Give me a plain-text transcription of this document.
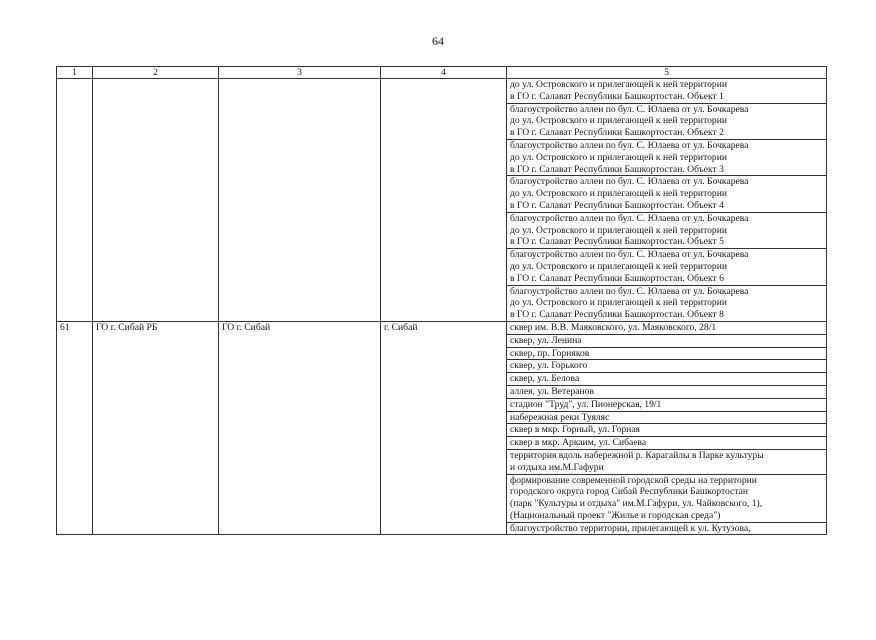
64
1	2	3	4	5

				до ул. Островского и прилегающей к ней территории
в ГО г. Салават Республики Башкортостан. Объект 1

				благоустройство аллеи по бул. С. Юлаева от ул. Бочкарева
до ул. Островского и прилегающей к ней территории
в ГО г. Салават Республики Башкортостан. Объект 2

				благоустройство аллеи по бул. С. Юлаева от ул. Бочкарева
до ул. Островского и прилегающей к ней территории
в ГО г. Салават Республики Башкортостан. Объект 3

				благоустройство аллеи по бул. С. Юлаева от ул. Бочкарева
до ул. Островского и прилегающей к ней территории
в ГО г. Салават Республики Башкортостан. Объект 4

				благоустройство аллеи по бул. С. Юлаева от ул. Бочкарева
до ул. Островского и прилегающей к ней территории
в ГО г. Салават Республики Башкортостан. Объект 5

				благоустройство аллеи по бул. С. Юлаева от ул. Бочкарева
до ул. Островского и прилегающей к ней территории
в ГО г. Салават Республики Башкортостан. Объект 6

				благоустройство аллеи по бул. С. Юлаева от ул. Бочкарева
до ул. Островского и прилегающей к ней территории
в ГО г. Салават Республики Башкортостан. Объект 8

61	ГО г. Сибай РБ	ГО г. Сибай	г. Сибай	сквер им. В.В. Маяковского, ул. Маяковского, 28/1

				сквер, ул. Ленина

				сквер, пр. Горняков

				сквер, ул. Горького

				сквер, ул. Белова

				аллея, ул. Ветеранов

				стадион "Труд", ул. Пионерская, 19/1

				набережная реки Туяляс

				сквер в мкр. Горный, ул. Горная

				сквер в мкр. Аркаим, ул. Сибаева

				территория вдоль набережной р. Карагайлы в Парке культуры
и отдыха им.М.Гафури

				формирование современной городской среды на территории
городского округа город Сибай Республики Башкортостан
(парк "Культуры и отдыха" им.М.Гафури, ул. Чайковского, 1),
(Национальный проект "Жилье и городская среда")

				благоустройство территории, прилегающей к ул. Кутузова,
